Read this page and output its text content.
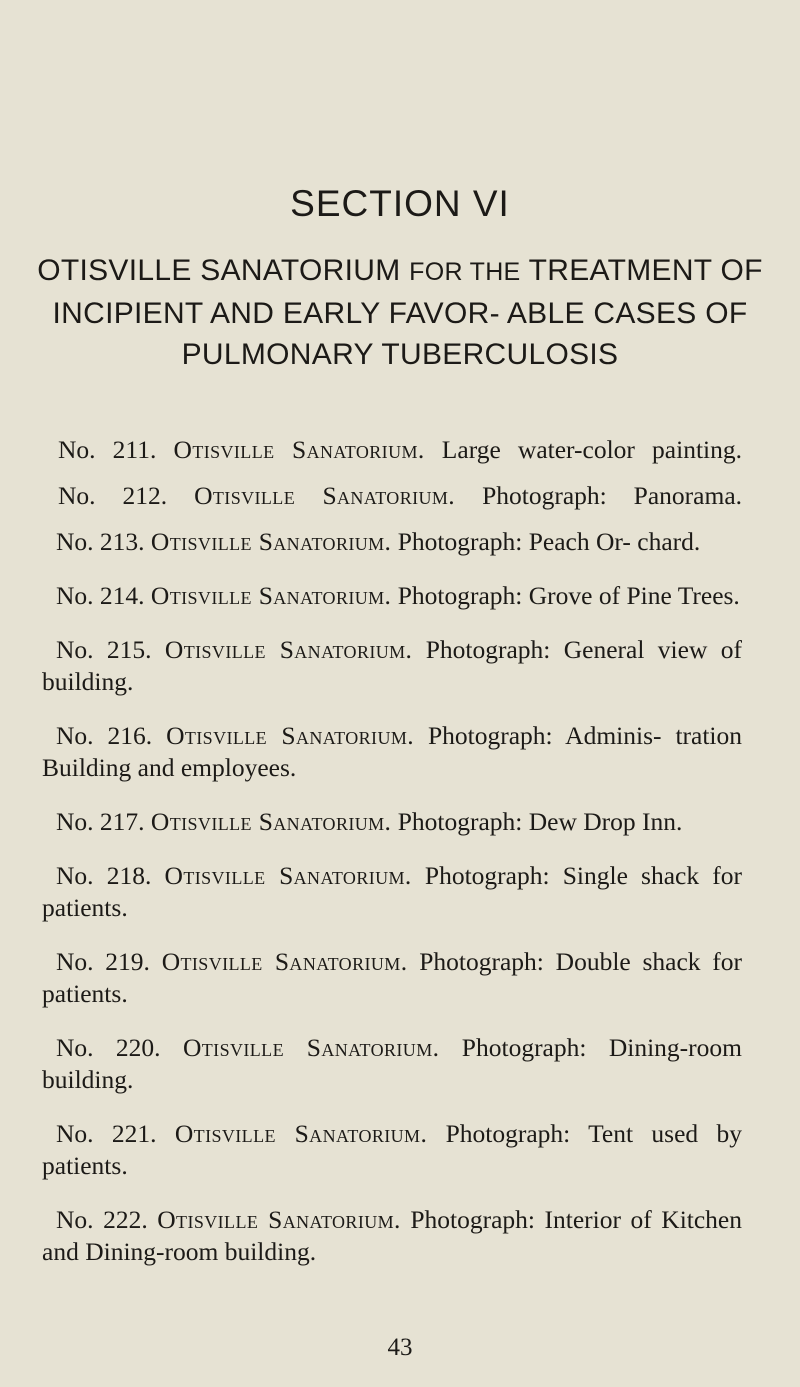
SECTION VI
OTISVILLE SANATORIUM FOR THE TREATMENT OF INCIPIENT AND EARLY FAVOR- ABLE CASES OF PULMONARY TUBERCULOSIS

No. 211. Otisville Sanatorium. Large water-color painting.

No. 212. Otisville Sanatorium. Photograph: Panorama.

No. 213. Otisville Sanatorium. Photograph: Peach Or- chard.

No. 214. Otisville Sanatorium. Photograph: Grove of Pine Trees.

No. 215. Otisville Sanatorium. Photograph: General view of building.

No. 216. Otisville Sanatorium. Photograph: Adminis- tration Building and employees.

No. 217. Otisville Sanatorium. Photograph: Dew Drop Inn.

No. 218. Otisville Sanatorium. Photograph: Single shack for patients.

No. 219. Otisville Sanatorium. Photograph: Double shack for patients.

No. 220. Otisville Sanatorium. Photograph: Dining-room building.

No. 221. Otisville Sanatorium. Photograph: Tent used by patients.

No. 222. Otisville Sanatorium. Photograph: Interior of Kitchen and Dining-room building.

43
